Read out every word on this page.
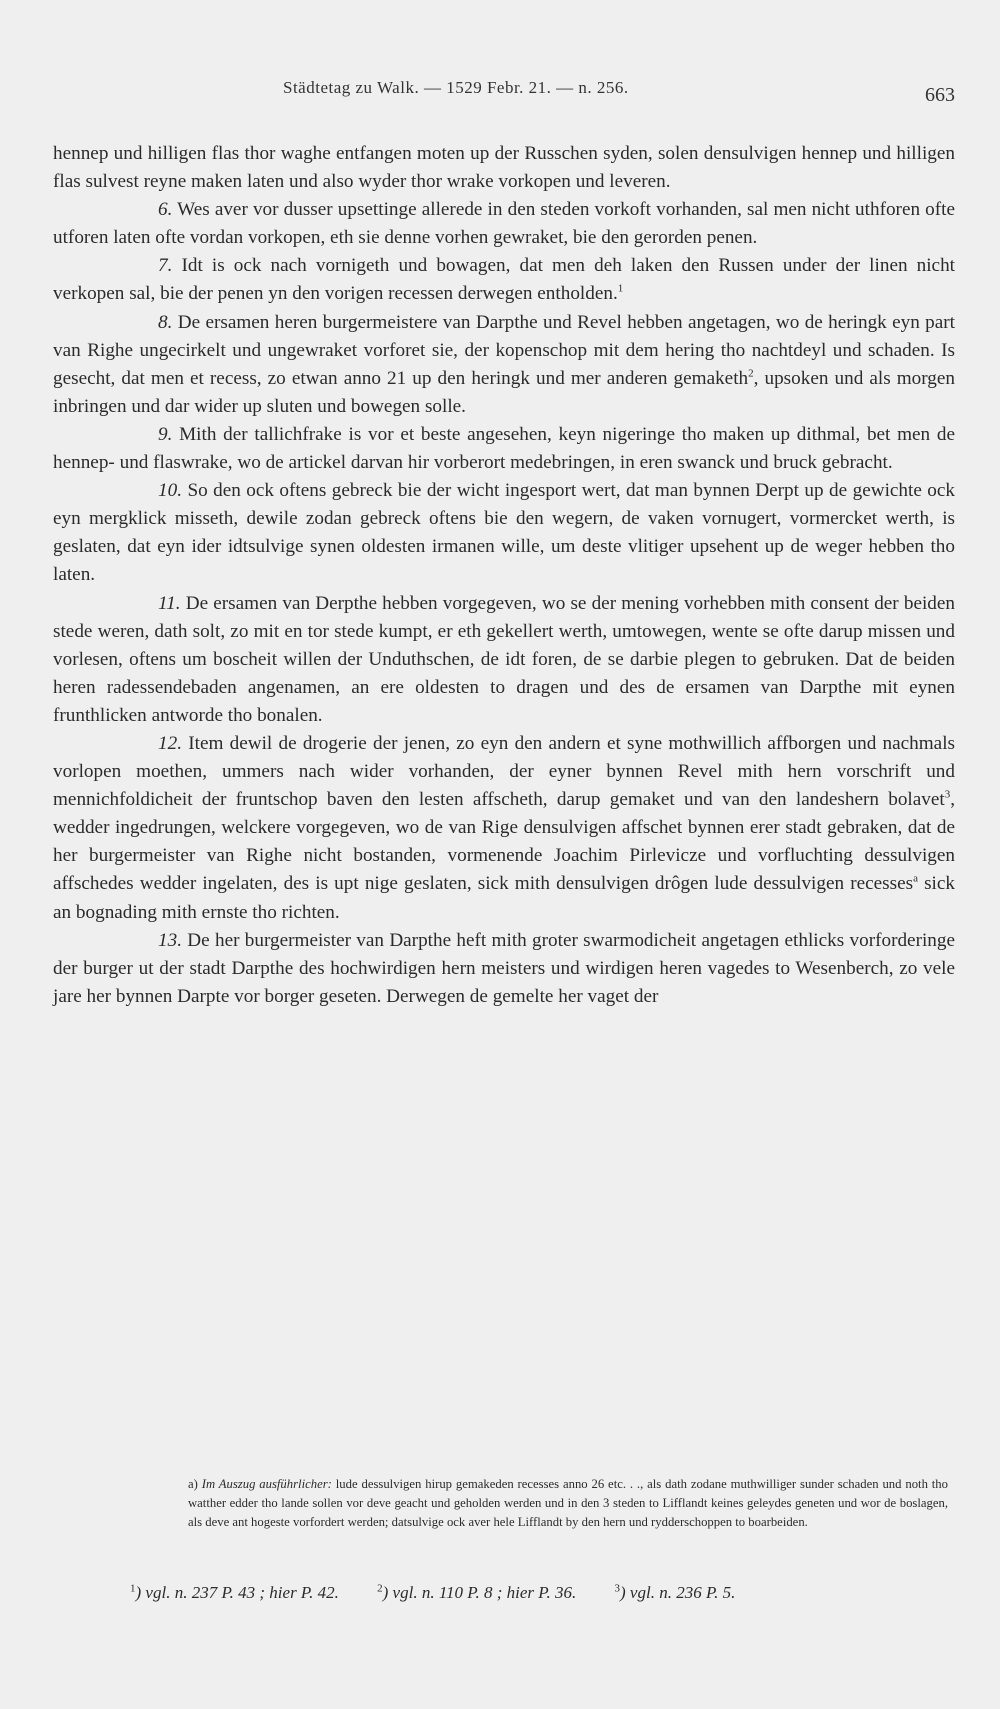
Städtetag zu Walk. — 1529 Febr. 21. — n. 256.	663

hennep und hilligen flas thor waghe entfangen moten up der Russchen syden, solen densulvigen hennep und hilligen flas sulvest reyne maken laten und also wyder thor wrake vorkopen und leveren.

6. Wes aver vor dusser upsettinge allerede in den steden vorkoft vorhanden, sal men nicht uthforen ofte utforen laten ofte vordan vorkopen, eth sie denne vorhen gewraket, bie den gerorden penen.

7. Idt is ock nach vornigeth und bowagen, dat men deh laken den Russen under der linen nicht verkopen sal, bie der penen yn den vorigen recessen derwegen entholden.$^1$

8. De ersamen heren burgermeistere van Darpthe und Revel hebben angetagen, wo de heringk eyn part van Righe ungecirkelt und ungewraket vorforet sie, der kopenschop mit dem hering tho nachtdeyl und schaden. Is gesecht, dat men et recess, zo etwan anno 21 up den heringk und mer anderen gemaketh$^2$, upsoken und als morgen inbringen und dar wider up sluten und bowegen solle.

9. Mith der tallichfrake is vor et beste angesehen, keyn nigeringe tho maken up dithmal, bet men de hennep- und flaswrake, wo de artickel darvan hir vorberort medebringen, in eren swanck und bruck gebracht.

10. So den ock oftens gebreck bie der wicht ingesport wert, dat man bynnen Derpt up de gewichte ock eyn mergklick misseth, dewile zodan gebreck oftens bie den wegern, de vaken vornugert, vormercket werth, is geslaten, dat eyn ider idtsulvige synen oldesten irmanen wille, um deste vlitiger upsehent up de weger hebben tho laten.

11. De ersamen van Derpthe hebben vorgegeven, wo se der mening vorhebben mith consent der beiden stede weren, dath solt, zo mit en tor stede kumpt, er eth gekellert werth, umtowegen, wente se ofte darup missen und vorlesen, oftens um boscheit willen der Unduthschen, de idt foren, de se darbie plegen to gebruken. Dat de beiden heren radessendebaden angenamen, an ere oldesten to dragen und des de ersamen van Darpthe mit eynen frunthlicken antworde tho bonalen.

12. Item dewil de drogerie der jenen, zo eyn den andern et syne mothwillich affborgen und nachmals vorlopen moethen, ummers nach wider vorhanden, der eyner bynnen Revel mith hern vorschrift und mennichfoldicheit der fruntschop baven den lesten affscheth, darup gemaket und van den landeshern bolavet$^3$, wedder ingedrungen, welckere vorgegeven, wo de van Rige densulvigen affschet bynnen erer stadt gebraken, dat de her burgermeister van Righe nicht bostanden, vormenende Joachim Pirlevicze und vorfluchting dessulvigen affschedes wedder ingelaten, des is upt nige geslaten, sick mith densulvigen drôgen lude dessulvigen recesses$^a$ sick an bognading mith ernste tho richten.

13. De her burgermeister van Darpthe heft mith groter swarmodicheit angetagen ethlicks vorforderinge der burger ut der stadt Darpthe des hochwirdigen hern meisters und wirdigen heren vagedes to Wesenberch, zo vele jare her bynnen Darpte vor borger geseten. Derwegen de gemelte her vaget der

a) Im Auszug ausführlicher: lude dessulvigen hirup gemakeden recesses anno 26 etc. . ., als dath zodane muthwilliger sunder schaden und noth tho watther edder tho lande sollen vor deve geacht und geholden werden und in den 3 steden to Lifflandt keines geleydes geneten und wor de boslagen, als deve ant hogeste vorfordert werden; datsulvige ock aver hele Lifflandt by den hern und rydderschoppen to boarbeiden.
$^1$) vgl. n. 237 P. 43 ; hier P. 42.	$^2$) vgl. n. 110 P. 8 ; hier P. 36.	$^3$) vgl. n. 236 P. 5.
